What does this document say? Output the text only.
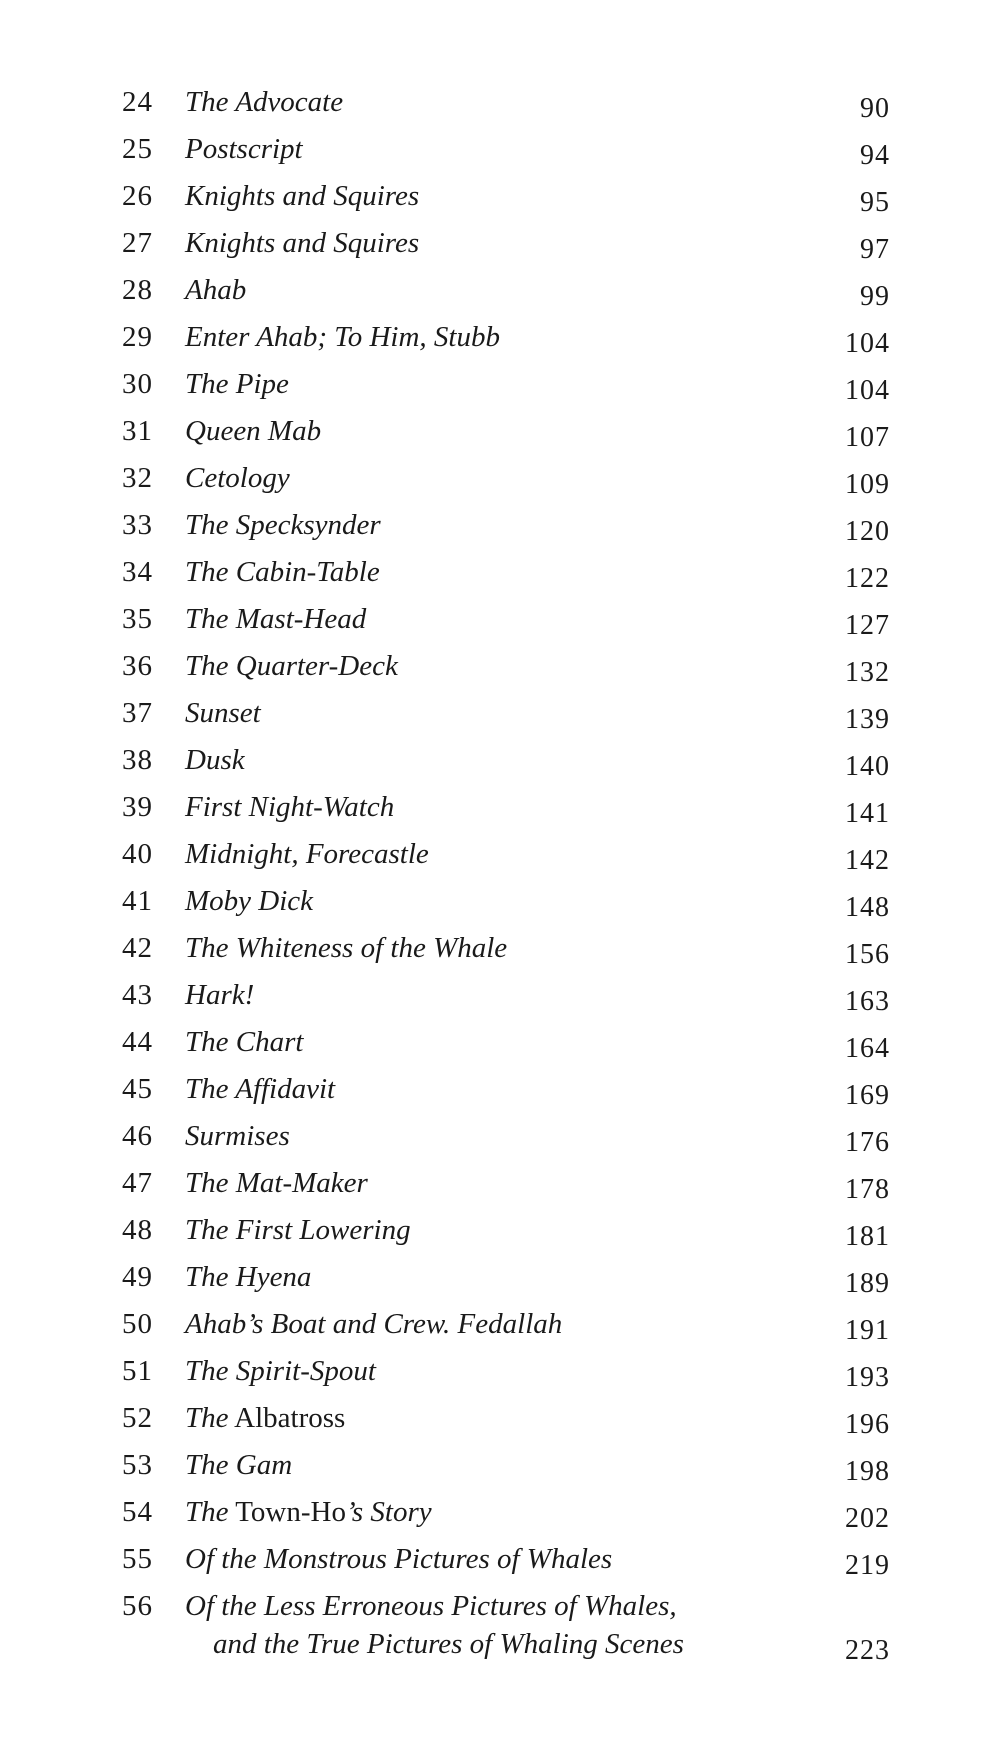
24 The Advocate	90
25 Postscript	94
26 Knights and Squires	95
27 Knights and Squires	97
28 Ahab	99
29 Enter Ahab; To Him, Stubb	104
30 The Pipe	104
31 Queen Mab	107
32 Cetology	109
33 The Specksynder	120
34 The Cabin-Table	122
35 The Mast-Head	127
36 The Quarter-Deck	132
37 Sunset	139
38 Dusk	140
39 First Night-Watch	141
40 Midnight, Forecastle	142
41 Moby Dick	148
42 The Whiteness of the Whale	156
43 Hark!	163
44 The Chart	164
45 The Affidavit	169
46 Surmises	176
47 The Mat-Maker	178
48 The First Lowering	181
49 The Hyena	189
50 Ahab’s Boat and Crew. Fedallah	191
51 The Spirit-Spout	193
52 The Albatross	196
53 The Gam	198
54 The Town-Ho’s Story	202
55 Of the Monstrous Pictures of Whales	219
56 Of the Less Erroneous Pictures of Whales,
and the True Pictures of Whaling Scenes	223
